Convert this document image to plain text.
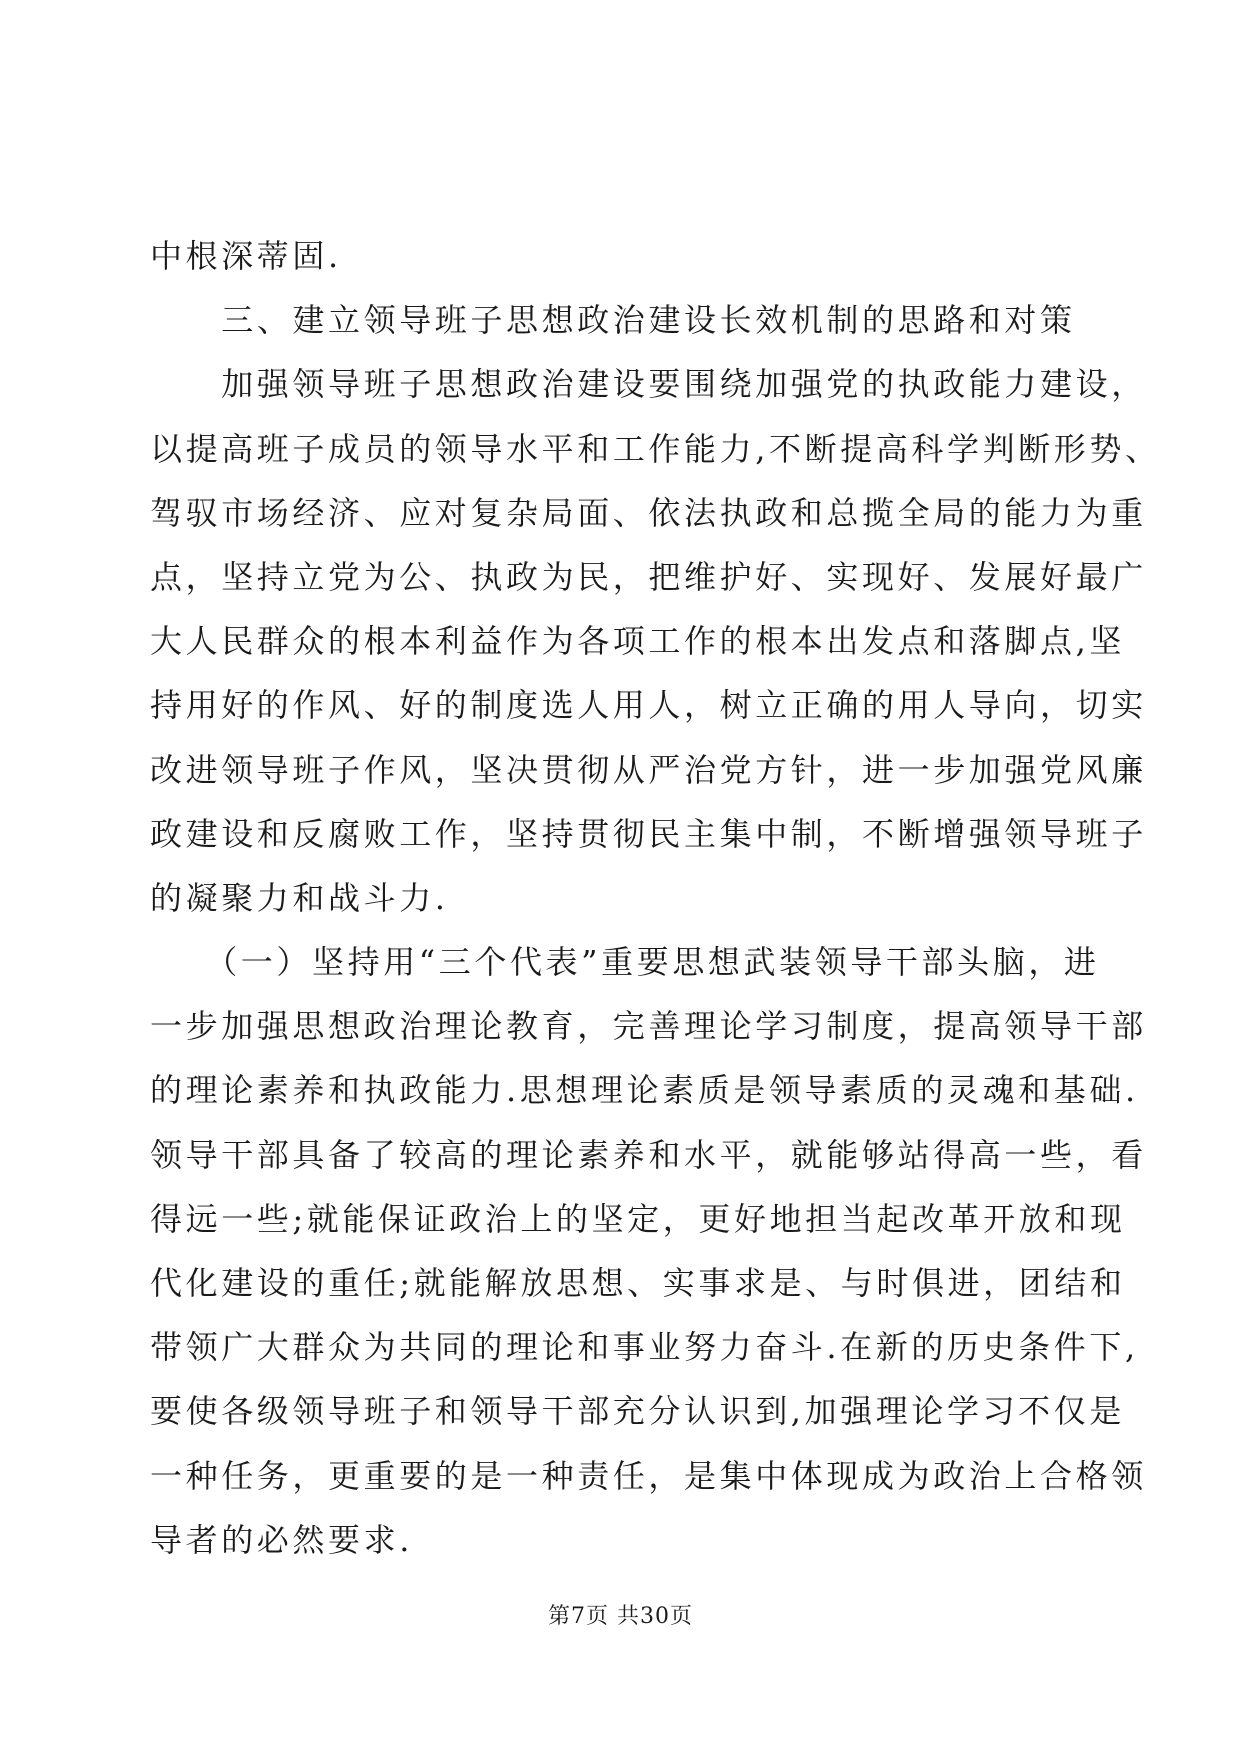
中根深蒂固.
　　三、建立领导班子思想政治建设长效机制的思路和对策
　　加强领导班子思想政治建设要围绕加强党的执政能力建设，
以提高班子成员的领导水平和工作能力,不断提高科学判断形势、
驾驭市场经济、应对复杂局面、依法执政和总揽全局的能力为重
点，坚持立党为公、执政为民，把维护好、实现好、发展好最广
大人民群众的根本利益作为各项工作的根本出发点和落脚点,坚
持用好的作风、好的制度选人用人，树立正确的用人导向，切实
改进领导班子作风，坚决贯彻从严治党方针，进一步加强党风廉
政建设和反腐败工作，坚持贯彻民主集中制，不断增强领导班子
的凝聚力和战斗力.
　　（一）坚持用“三个代表”重要思想武装领导干部头脑，进
一步加强思想政治理论教育，完善理论学习制度，提高领导干部
的理论素养和执政能力.思想理论素质是领导素质的灵魂和基础.
领导干部具备了较高的理论素养和水平，就能够站得高一些，看
得远一些;就能保证政治上的坚定，更好地担当起改革开放和现
代化建设的重任;就能解放思想、实事求是、与时俱进，团结和
带领广大群众为共同的理论和事业努力奋斗.在新的历史条件下,
要使各级领导班子和领导干部充分认识到,加强理论学习不仅是
一种任务，更重要的是一种责任，是集中体现成为政治上合格领
导者的必然要求.
第7页 共30页
